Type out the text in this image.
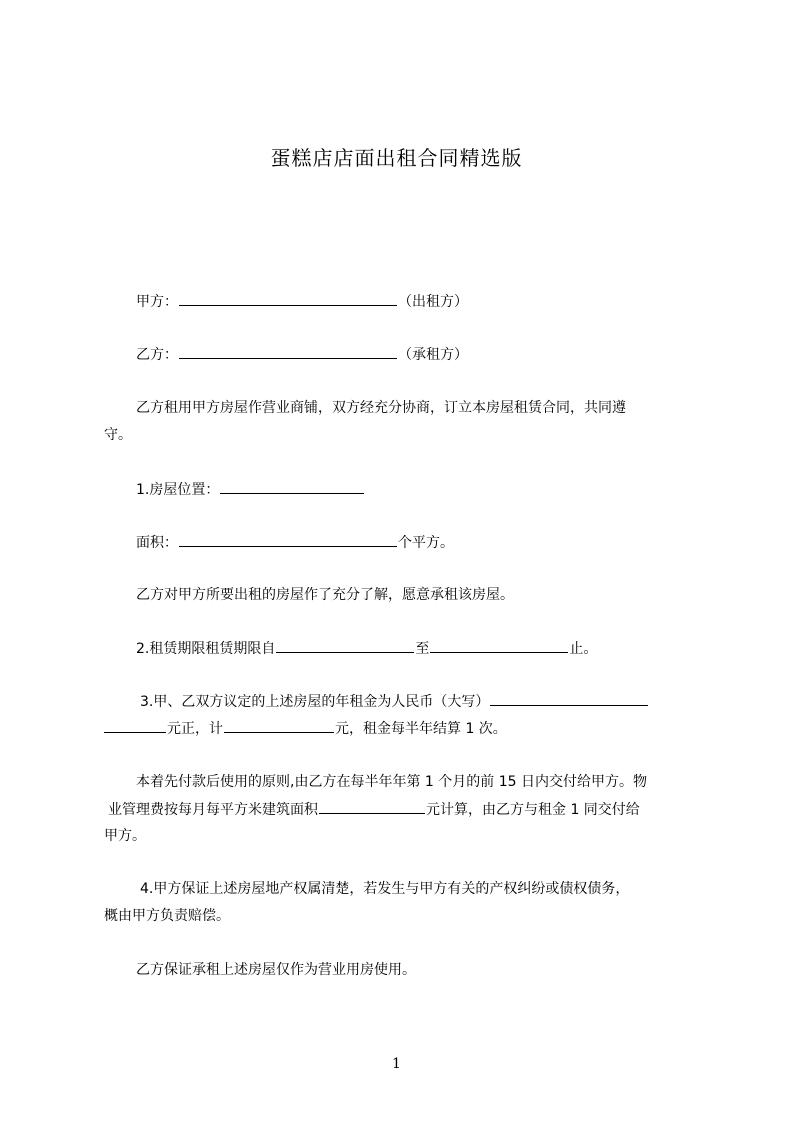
蛋糕店店面出租合同精选版
甲方：	（出租方）
乙方：	（承租方）
乙方租用甲方房屋作营业商铺，双方经充分协商，订立本房屋租赁合同，共同遵
守。
1.房屋位置：
面积：	个平方。
乙方对甲方所要出租的房屋作了充分了解，愿意承租该房屋。
2.租赁期限租赁期限自	至	止。
3.甲、乙双方议定的上述房屋的年租金为人民币（大写）
元正，计	元，租金每半年结算 1 次。
本着先付款后使用的原则,由乙方在每半年年第 1 个月的前 15 日内交付给甲方。物
业管理费按每月每平方米建筑面积	元计算，由乙方与租金 1 同交付给
甲方。
4.甲方保证上述房屋地产权属清楚，若发生与甲方有关的产权纠纷或债权债务，
概由甲方负责赔偿。
乙方保证承租上述房屋仅作为营业用房使用。
1
